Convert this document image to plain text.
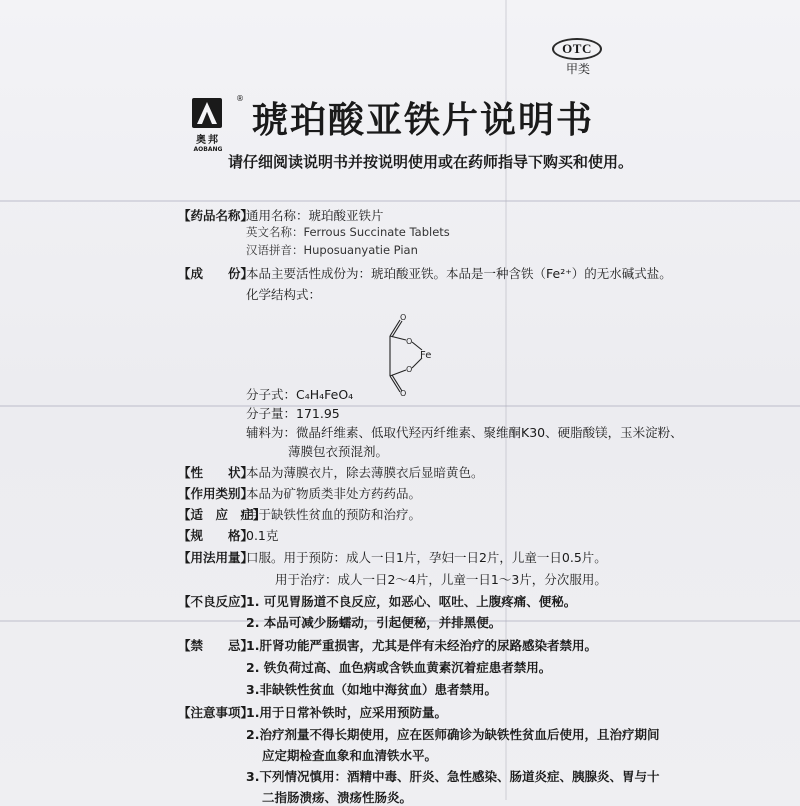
OTC
甲类
奥邦
AOBANG
®
琥珀酸亚铁片说明书
请仔细阅读说明书并按说明使用或在药师指导下购买和使用。
【药品名称】
通用名称：琥珀酸亚铁片
英文名称：Ferrous Succinate Tablets
汉语拼音：Huposuanyatie Pian
【成　　份】
本品主要活性成份为：琥珀酸亚铁。本品是一种含铁（Fe²⁺）的无水碱式盐。
化学结构式：
O
O
O
O
Fe
分子式：C₄H₄FeO₄
分子量：171.95
辅料为：微晶纤维素、低取代羟丙纤维素、聚维酮K30、硬脂酸镁，玉米淀粉、
薄膜包衣预混剂。
【性　　状】
本品为薄膜衣片，除去薄膜衣后显暗黄色。
【作用类别】
本品为矿物质类非处方药药品。
【适　应　症】
用于缺铁性贫血的预防和治疗。
【规　　格】
0.1克
【用法用量】
口服。用于预防：成人一日1片，孕妇一日2片，儿童一日0.5片。
用于治疗：成人一日2～4片，儿童一日1～3片，分次服用。
【不良反应】
1. 可见胃肠道不良反应，如恶心、呕吐、上腹疼痛、便秘。
2. 本品可减少肠蠕动，引起便秘，并排黑便。
【禁　　忌】
1.肝肾功能严重损害，尤其是伴有未经治疗的尿路感染者禁用。
2. 铁负荷过高、血色病或含铁血黄素沉着症患者禁用。
3.非缺铁性贫血（如地中海贫血）患者禁用。
【注意事项】
1.用于日常补铁时，应采用预防量。
2.治疗剂量不得长期使用，应在医师确诊为缺铁性贫血后使用，且治疗期间
应定期检查血象和血清铁水平。
3.下列情况慎用：酒精中毒、肝炎、急性感染、肠道炎症、胰腺炎、胃与十
二指肠溃疡、溃疡性肠炎。
